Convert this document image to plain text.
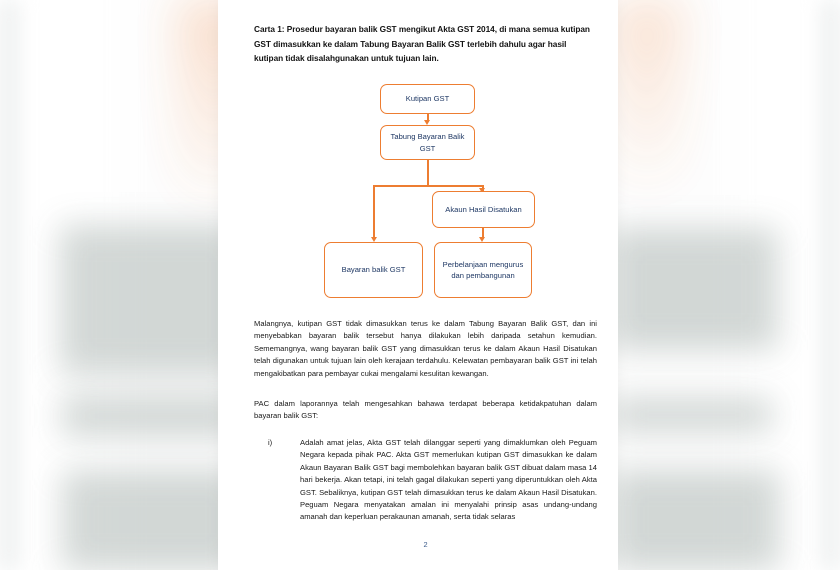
Carta 1: Prosedur bayaran balik GST mengikut Akta GST 2014, di mana semua kutipan GST dimasukkan ke dalam Tabung Bayaran Balik GST terlebih dahulu agar hasil kutipan tidak disalahgunakan untuk tujuan lain.
Kutipan GST
Tabung Bayaran Balik GST
Akaun Hasil Disatukan
Bayaran balik GST
Perbelanjaan mengurus dan pembangunan
Malangnya, kutipan GST tidak dimasukkan terus ke dalam Tabung Bayaran Balik GST, dan ini menyebabkan bayaran balik tersebut hanya dilakukan lebih daripada setahun kemudian. Sememangnya, wang bayaran balik GST yang dimasukkan terus ke dalam Akaun Hasil Disatukan telah digunakan untuk tujuan lain oleh kerajaan terdahulu. Kelewatan pembayaran balik GST ini telah mengakibatkan para pembayar cukai mengalami kesulitan kewangan.
PAC dalam laporannya telah mengesahkan bahawa terdapat beberapa ketidakpatuhan dalam bayaran balik GST:
i)	Adalah amat jelas, Akta GST telah dilanggar seperti yang dimaklumkan oleh Peguam Negara kepada pihak PAC. Akta GST memerlukan kutipan GST dimasukkan ke dalam Akaun Bayaran Balik GST bagi membolehkan bayaran balik GST dibuat dalam masa 14 hari bekerja. Akan tetapi, ini telah gagal dilakukan seperti yang diperuntukkan oleh Akta GST. Sebaliknya, kutipan GST telah dimasukkan terus ke dalam Akaun Hasil Disatukan. Peguam Negara menyatakan amalan ini menyalahi prinsip asas undang-undang amanah dan keperluan perakaunan amanah, serta tidak selaras
2
